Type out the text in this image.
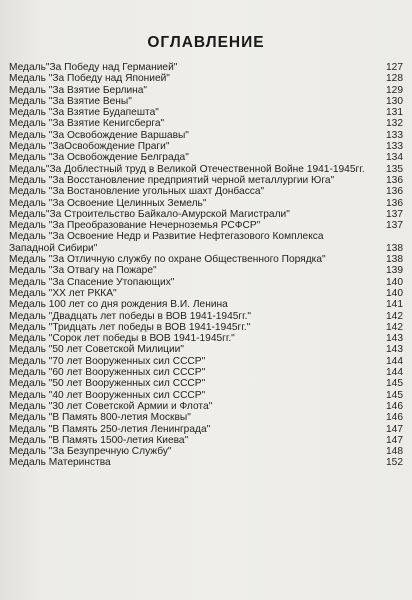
ОГЛАВЛЕНИЕ
Медаль"За Победу над Германией"	127
Медаль "За Победу над Японией"	128
Медаль "За Взятие Берлина"	129
Медаль "За Взятие Вены"	130
Медаль "За Взятие Будапешта"	131
Медаль "За Взятие Кенигсберга"	132
Медаль "За Освобождение Варшавы"	133
Медаль "ЗаОсвобождение Праги"	133
Медаль "За Освобождение Белграда"	134
Медаль"За Доблестный труд в Великой Отечественной Войне 1941-1945гг.	135
Медаль "За Восстановление предприятий черной металлургии Юга"	136
Медаль "За Востановление угольных шахт Донбасса"	136
Медаль "За Освоение Целинных Земель"	136
Медаль"За Строительство Байкало-Амурской Магистрали"	137
Медаль "За Преобразование Нечерноземья РСФСР"	137
Медаль "За Освоение Недр и Развитие Нефтегазового Комплекса Западной Сибири"	138
Медаль "За Отличную службу по охране Общественного Порядка"	138
Медаль "За Отвагу на Пожаре"	139
Медаль "За Спасение Утопающих"	140
Медаль "XX лет РККА"	140
Медаль 100 лет со дня рождения В.И. Ленина	141
Медаль "Двадцать лет победы в ВОВ 1941-1945гг."	142
Медаль "Тридцать лет победы в ВОВ 1941-1945гг."	142
Медаль "Сорок лет победы в ВОВ 1941-1945гг."	143
Медаль "50 лет Советской Милиции"	143
Медаль "70 лет Вооруженных сил СССР"	144
Медаль "60 лет Вооруженных сил СССР"	144
Медаль "50 лет Вооруженных сил СССР"	145
Медаль "40 лет Вооруженных сил СССР"	145
Медаль "30 лет Советской Армии и Флота"	146
Медаль "В Память 800-летия Москвы"	146
Медаль "В Память 250-летия Ленинграда"	147
Медаль "В Память 1500-летия Киева"	147
Медаль "За Безупречную Службу"	148
Медаль Материнства	152
